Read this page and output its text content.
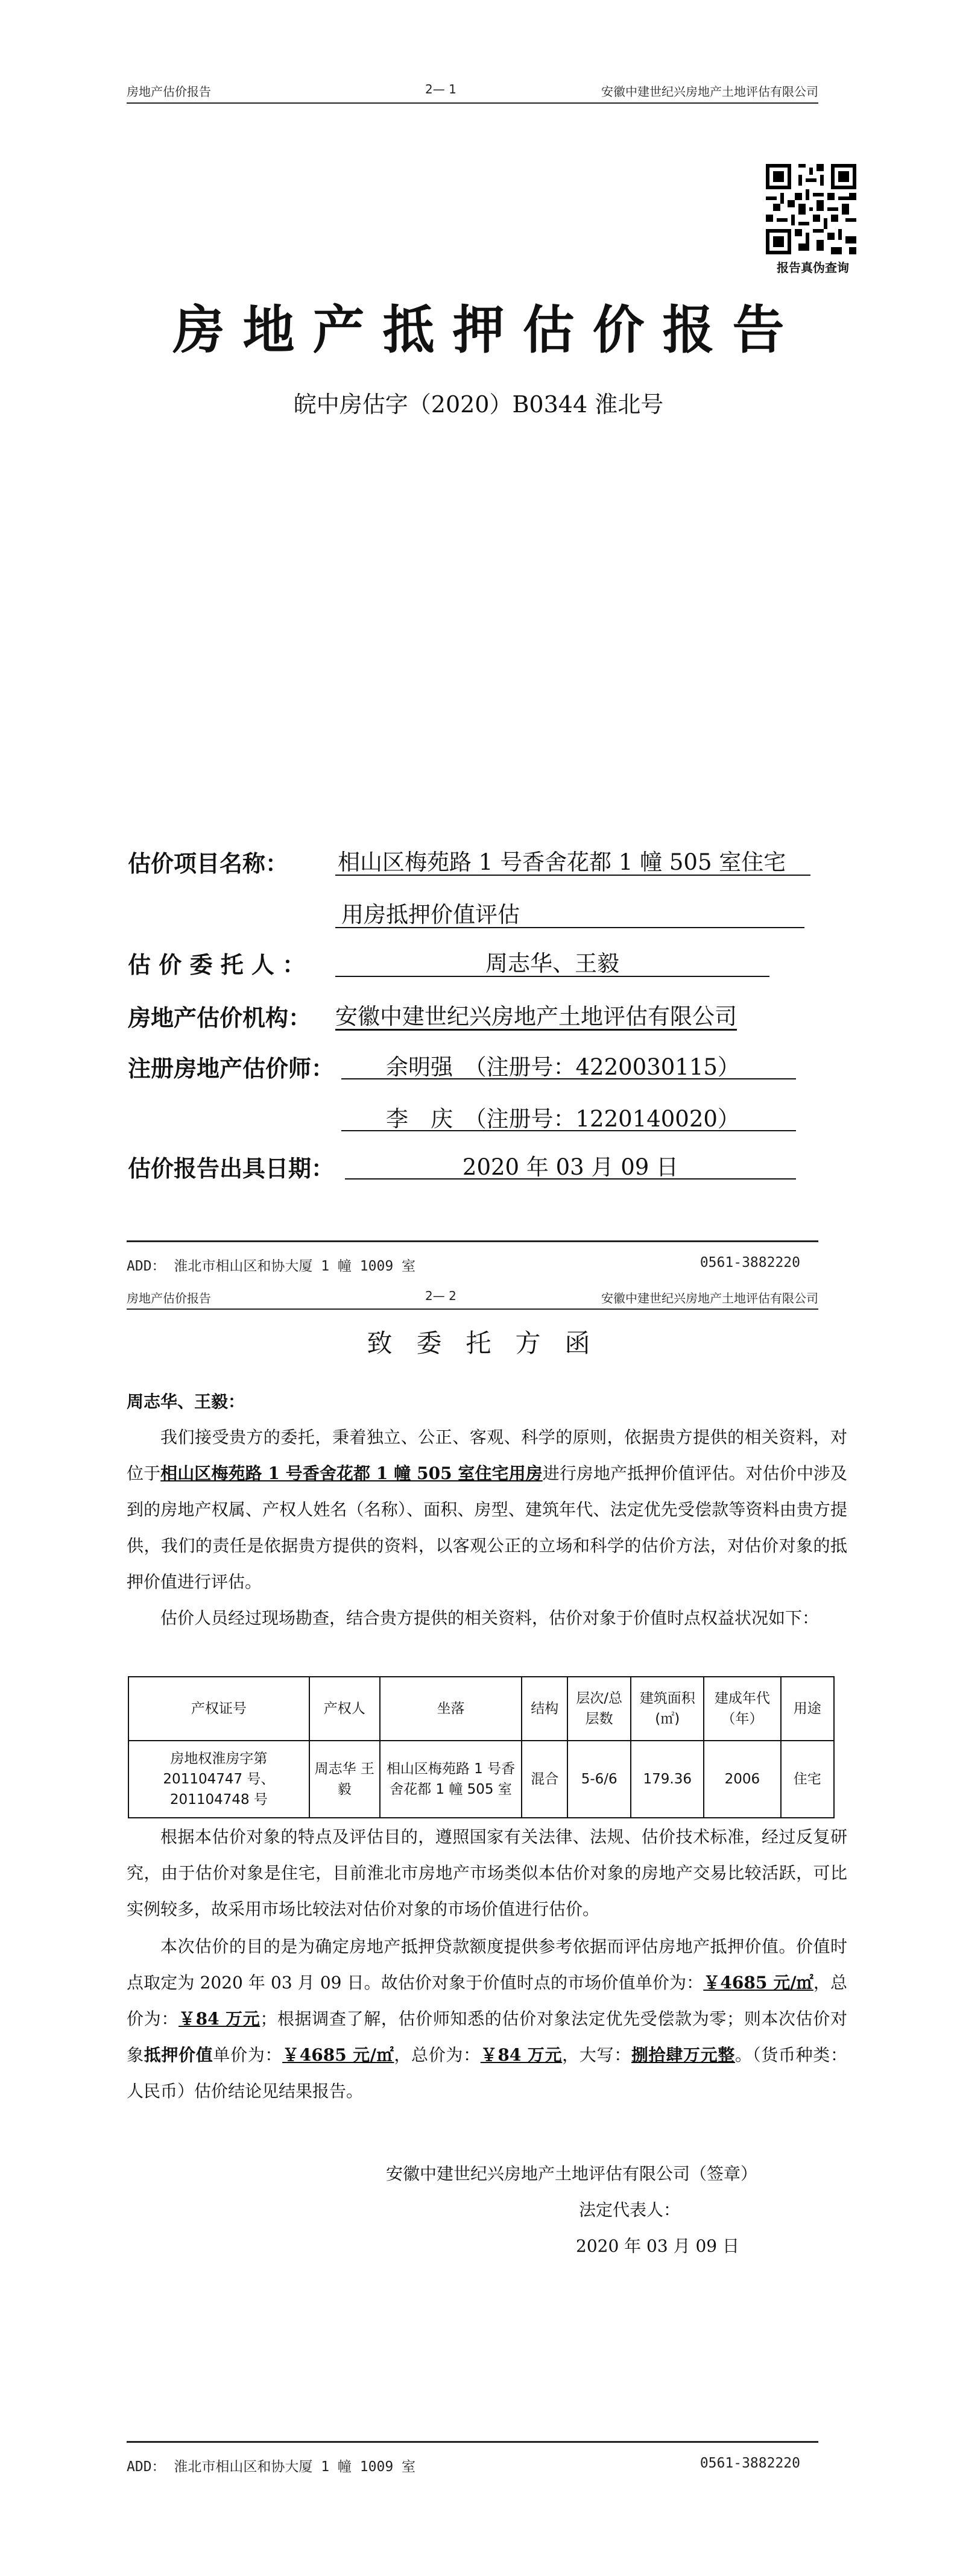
房地产估价报告	2— 1	安徽中建世纪兴房地产土地评估有限公司
报告真伪查询
房地产抵押估价报告
皖中房估字（2020）B0344 淮北号
估价项目名称： 相山区梅苑路 1 号香舍花都 1 幢 505 室住宅
用房抵押价值评估
估 价 委 托 人 ：	周志华、王毅
房地产估价机构： 安徽中建世纪兴房地产土地评估有限公司
注册房地产估价师： 余明强　（注册号：4220030115）
李　庆　（注册号：1220140020）
估价报告出具日期：	2020 年 03 月 09 日
ADD： 淮北市相山区和协大厦 1 幢 1009 室	0561-3882220
房地产估价报告	2— 2	安徽中建世纪兴房地产土地评估有限公司
致委托方函
周志华、王毅：
我们接受贵方的委托，秉着独立、公正、客观、科学的原则，依据贵方提供的相关资料，对位于相山区梅苑路 1 号香舍花都 1 幢 505 室住宅用房进行房地产抵押价值评估。对估价中涉及到的房地产权属、产权人姓名（名称）、面积、房型、建筑年代、法定优先受偿款等资料由贵方提供，我们的责任是依据贵方提供的资料，以客观公正的立场和科学的估价方法，对估价对象的抵押价值进行评估。
估价人员经过现场勘查，结合贵方提供的相关资料，估价对象于价值时点权益状况如下：
产权证号	产权人	坐落	结构	层次/总层数	建筑面积(㎡)	建成年代（年）	用途
房地权淮房字第 201104747 号、201104748 号	周志华 王毅	相山区梅苑路 1 号香舍花都 1 幢 505 室	混合	5-6/6	179.36	2006	住宅
根据本估价对象的特点及评估目的，遵照国家有关法律、法规、估价技术标准，经过反复研究，由于估价对象是住宅，目前淮北市房地产市场类似本估价对象的房地产交易比较活跃，可比实例较多，故采用市场比较法对估价对象的市场价值进行估价。
本次估价的目的是为确定房地产抵押贷款额度提供参考依据而评估房地产抵押价值。价值时点取定为 2020 年 03 月 09 日。故估价对象于价值时点的市场价值单价为：￥4685 元/㎡，总价为：￥84 万元；根据调查了解，估价师知悉的估价对象法定优先受偿款为零；则本次估价对象抵押价值单价为：￥4685 元/㎡，总价为：￥84 万元，大写：捌拾肆万元整。（货币种类：人民币）估价结论见结果报告。
安徽中建世纪兴房地产土地评估有限公司（签章）
法定代表人：
2020 年 03 月 09 日
ADD： 淮北市相山区和协大厦 1 幢 1009 室	0561-3882220
